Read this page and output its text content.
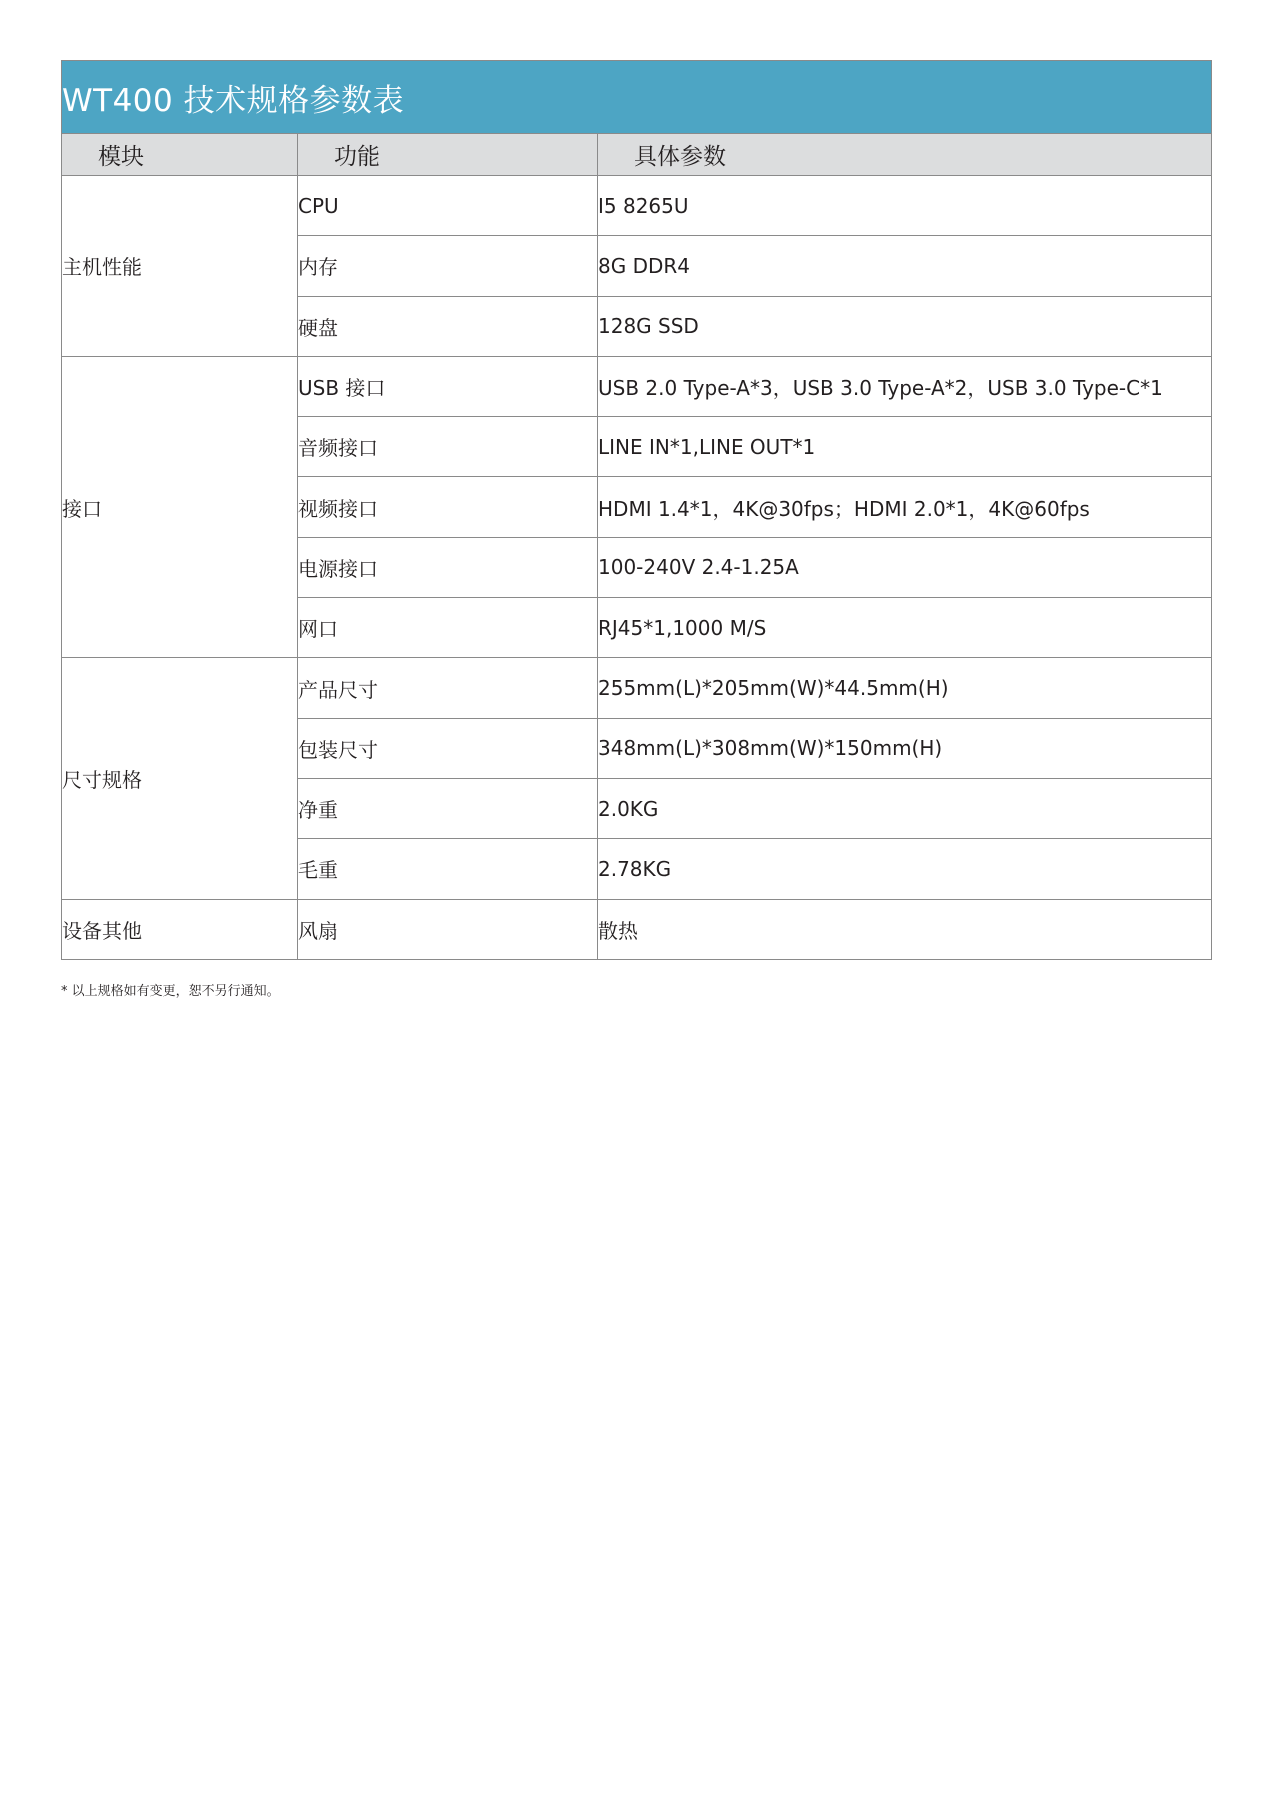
WT400 技术规格参数表		
模块	功能	具体参数
主机性能	CPU	I5 8265U
	内存	8G DDR4
	硬盘	128G SSD
接口	USB 接口	USB 2.0 Type-A*3，USB 3.0 Type-A*2，USB 3.0 Type-C*1
	音频接口	LINE IN*1,LINE OUT*1
	视频接口	HDMI 1.4*1，4K@30fps；HDMI 2.0*1，4K@60fps
	电源接口	100-240V 2.4-1.25A
	网口	RJ45*1,1000 M/S
尺寸规格	产品尺寸	255mm(L)*205mm(W)*44.5mm(H)
	包装尺寸	348mm(L)*308mm(W)*150mm(H)
	净重	2.0KG
	毛重	2.78KG
设备其他	风扇	散热
* 以上规格如有变更，恕不另行通知。
